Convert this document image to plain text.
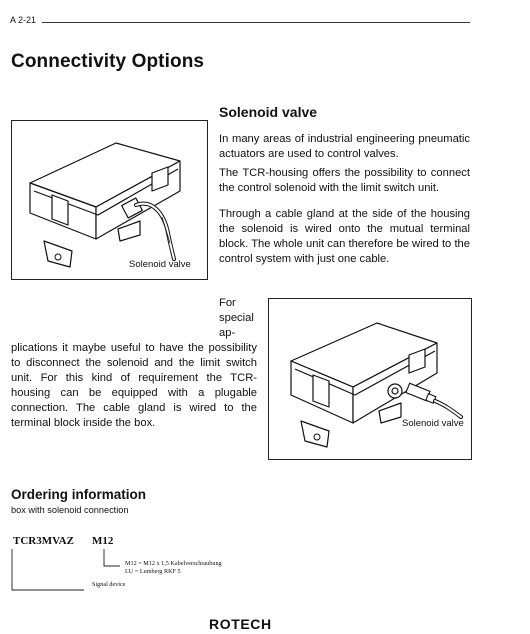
A 2-21
Connectivity Options
Solenoid valve
In many areas of industrial engineering pneumatic actuators are used to control valves.
The TCR-housing offers the possibility to connect the control solenoid with the limit switch unit.
Through a cable gland at the side of the housing the solenoid is wired onto the mutual terminal block. The whole unit can therefore be wired to the control system with just one cable.
For special ap-
plications it maybe useful to have the possibility to disconnect the solenoid and the limit switch unit. For this kind of requirement the TCR-housing can be equipped with a plugable connection. The cable gland is wired to the terminal block inside the box.
Solenoid valve
Solenoid valve
Ordering information
box with solenoid connection
TCR3MVAZ M12
M12 = M12 x 1,5 Kabelverschraubung
LU = Lumberg RKF 5
Signal device
ROTECH
